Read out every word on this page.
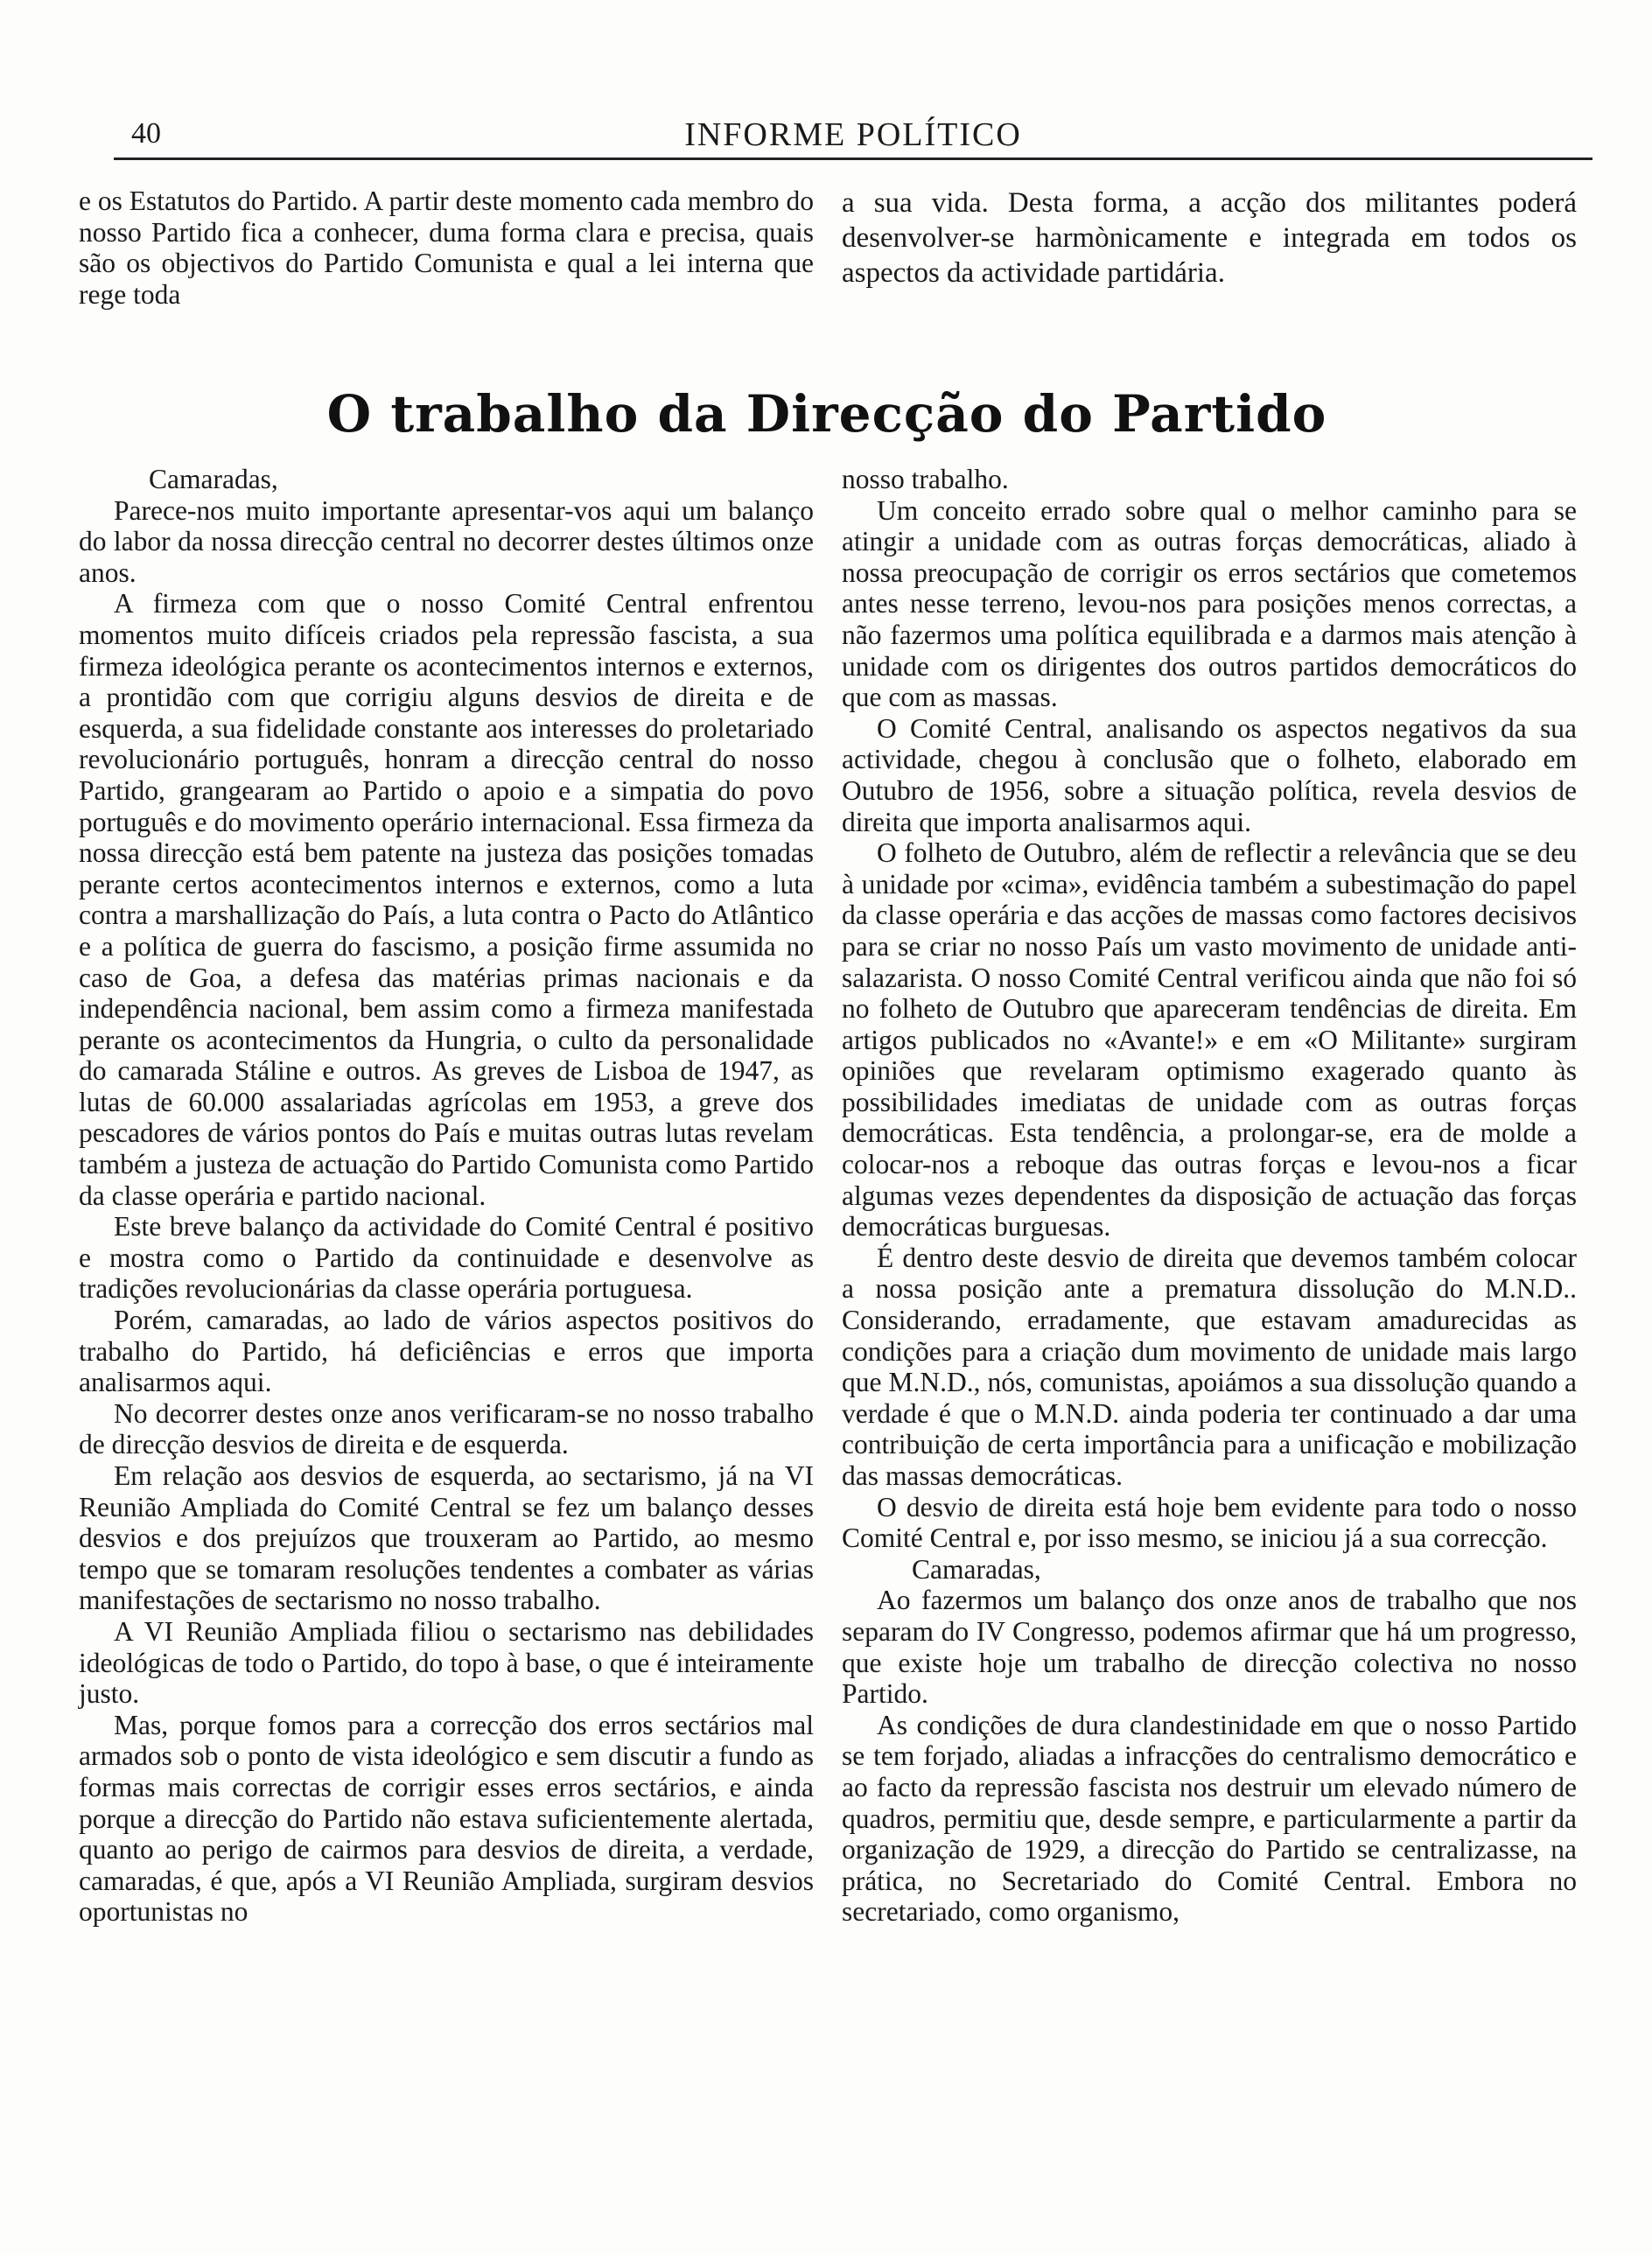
40	INFORME POLÍTICO

e os Estatutos do Partido. A partir deste momento cada membro do nosso Partido fica a conhecer, duma forma clara e precisa, quais são os objectivos do Partido Comunista e qual a lei interna que rege toda

a sua vida. Desta forma, a acção dos militantes poderá desenvolver-se harmònicamente e integrada em todos os aspectos da actividade partidária.

O trabalho da Direcção do Partido

Camaradas,

Parece-nos muito importante apresentar-vos aqui um balanço do labor da nossa direcção central no decorrer destes últimos onze anos.

A firmeza com que o nosso Comité Central enfrentou momentos muito difíceis criados pela repressão fascista, a sua firmeza ideológica perante os acontecimentos internos e externos, a prontidão com que corrigiu alguns desvios de direita e de esquerda, a sua fidelidade constante aos interesses do proletariado revolucionário português, honram a direcção central do nosso Partido, grangearam ao Partido o apoio e a simpatia do povo português e do movimento operário internacional. Essa firmeza da nossa direcção está bem patente na justeza das posições tomadas perante certos acontecimentos internos e externos, como a luta contra a marshallização do País, a luta contra o Pacto do Atlântico e a política de guerra do fascismo, a posição firme assumida no caso de Goa, a defesa das matérias primas nacionais e da independência nacional, bem assim como a firmeza manifestada perante os acontecimentos da Hungria, o culto da personalidade do camarada Stáline e outros. As greves de Lisboa de 1947, as lutas de 60.000 assalariadas agrícolas em 1953, a greve dos pescadores de vários pontos do País e muitas outras lutas revelam também a justeza de actuação do Partido Comunista como Partido da classe operária e partido nacional.

Este breve balanço da actividade do Comité Central é positivo e mostra como o Partido da continuidade e desenvolve as tradições revolucionárias da classe operária portuguesa.

Porém, camaradas, ao lado de vários aspectos positivos do trabalho do Partido, há deficiências e erros que importa analisarmos aqui.

No decorrer destes onze anos verificaram-se no nosso trabalho de direcção desvios de direita e de esquerda.

Em relação aos desvios de esquerda, ao sectarismo, já na VI Reunião Ampliada do Comité Central se fez um balanço desses desvios e dos prejuízos que trouxeram ao Partido, ao mesmo tempo que se tomaram resoluções tendentes a combater as várias manifestações de sectarismo no nosso trabalho.

A VI Reunião Ampliada filiou o sectarismo nas debilidades ideológicas de todo o Partido, do topo à base, o que é inteiramente justo.

Mas, porque fomos para a correcção dos erros sectários mal armados sob o ponto de vista ideológico e sem discutir a fundo as formas mais correctas de corrigir esses erros sectários, e ainda porque a direcção do Partido não estava suficientemente alertada, quanto ao perigo de cairmos para desvios de direita, a verdade, camaradas, é que, após a VI Reunião Ampliada, surgiram desvios oportunistas no

nosso trabalho.

Um conceito errado sobre qual o melhor caminho para se atingir a unidade com as outras forças democráticas, aliado à nossa preocupação de corrigir os erros sectários que cometemos antes nesse terreno, levou-nos para posições menos correctas, a não fazermos uma política equilibrada e a darmos mais atenção à unidade com os dirigentes dos outros partidos democráticos do que com as massas.

O Comité Central, analisando os aspectos negativos da sua actividade, chegou à conclusão que o folheto, elaborado em Outubro de 1956, sobre a situação política, revela desvios de direita que importa analisarmos aqui.

O folheto de Outubro, além de reflectir a relevância que se deu à unidade por «cima», evidência também a subestimação do papel da classe operária e das acções de massas como factores decisivos para se criar no nosso País um vasto movimento de unidade anti-salazarista. O nosso Comité Central verificou ainda que não foi só no folheto de Outubro que apareceram tendências de direita. Em artigos publicados no «Avante!» e em «O Militante» surgiram opiniões que revelaram optimismo exagerado quanto às possibilidades imediatas de unidade com as outras forças democráticas. Esta tendência, a prolongar-se, era de molde a colocar-nos a reboque das outras forças e levou-nos a ficar algumas vezes dependentes da disposição de actuação das forças democráticas burguesas.

É dentro deste desvio de direita que devemos também colocar a nossa posição ante a prematura dissolução do M.N.D.. Considerando, erradamente, que estavam amadurecidas as condições para a criação dum movimento de unidade mais largo que M.N.D., nós, comunistas, apoiámos a sua dissolução quando a verdade é que o M.N.D. ainda poderia ter continuado a dar uma contribuição de certa importância para a unificação e mobilização das massas democráticas.

O desvio de direita está hoje bem evidente para todo o nosso Comité Central e, por isso mesmo, se iniciou já a sua correcção.

Camaradas,

Ao fazermos um balanço dos onze anos de trabalho que nos separam do IV Congresso, podemos afirmar que há um progresso, que existe hoje um trabalho de direcção colectiva no nosso Partido.

As condições de dura clandestinidade em que o nosso Partido se tem forjado, aliadas a infracções do centralismo democrático e ao facto da repressão fascista nos destruir um elevado número de quadros, permitiu que, desde sempre, e particularmente a partir da organização de 1929, a direcção do Partido se centralizasse, na prática, no Secretariado do Comité Central. Embora no secretariado, como organismo,
